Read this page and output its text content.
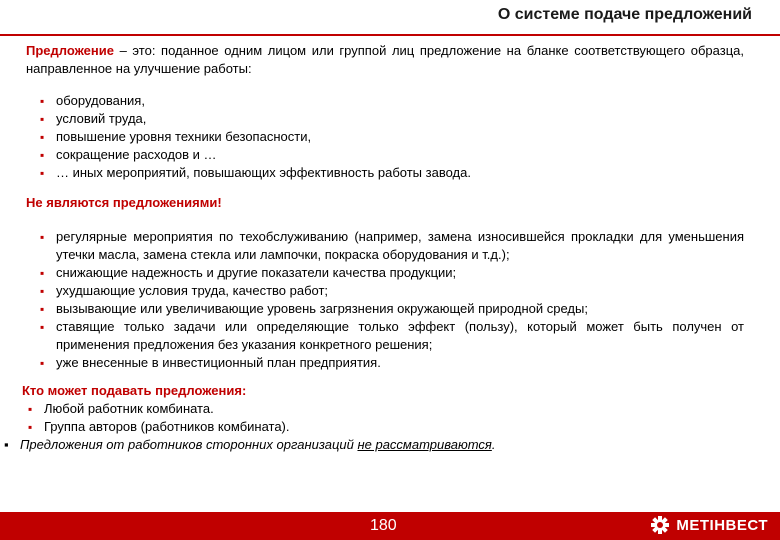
О системе подаче предложений
Предложение – это: поданное одним лицом или группой лиц предложение на бланке соответствующего образца, направленное на улучшение работы:
▪ оборудования,
▪ условий труда,
▪ повышение уровня техники безопасности,
▪ сокращение расходов и …
▪ … иных мероприятий, повышающих эффективность работы завода.
Не являются предложениями!
▪ регулярные мероприятия по техобслуживанию (например, замена износившейся прокладки для уменьшения утечки масла, замена стекла или лампочки, покраска оборудования и т.д.);
▪ снижающие надежность и другие показатели качества продукции;
▪ ухудшающие условия труда, качество работ;
▪ вызывающие или увеличивающие уровень загрязнения окружающей природной среды;
▪ ставящие только задачи или определяющие только эффект (пользу), который может быть получен от применения предложения без указания конкретного решения;
▪ уже внесенные в инвестиционный план предприятия.
Кто может подавать предложения:
▪ Любой работник комбината.
▪ Группа авторов (работников комбината).
▪ Предложения от работников сторонних организаций не рассматриваются.
180	МЕТІНВЕСТ
